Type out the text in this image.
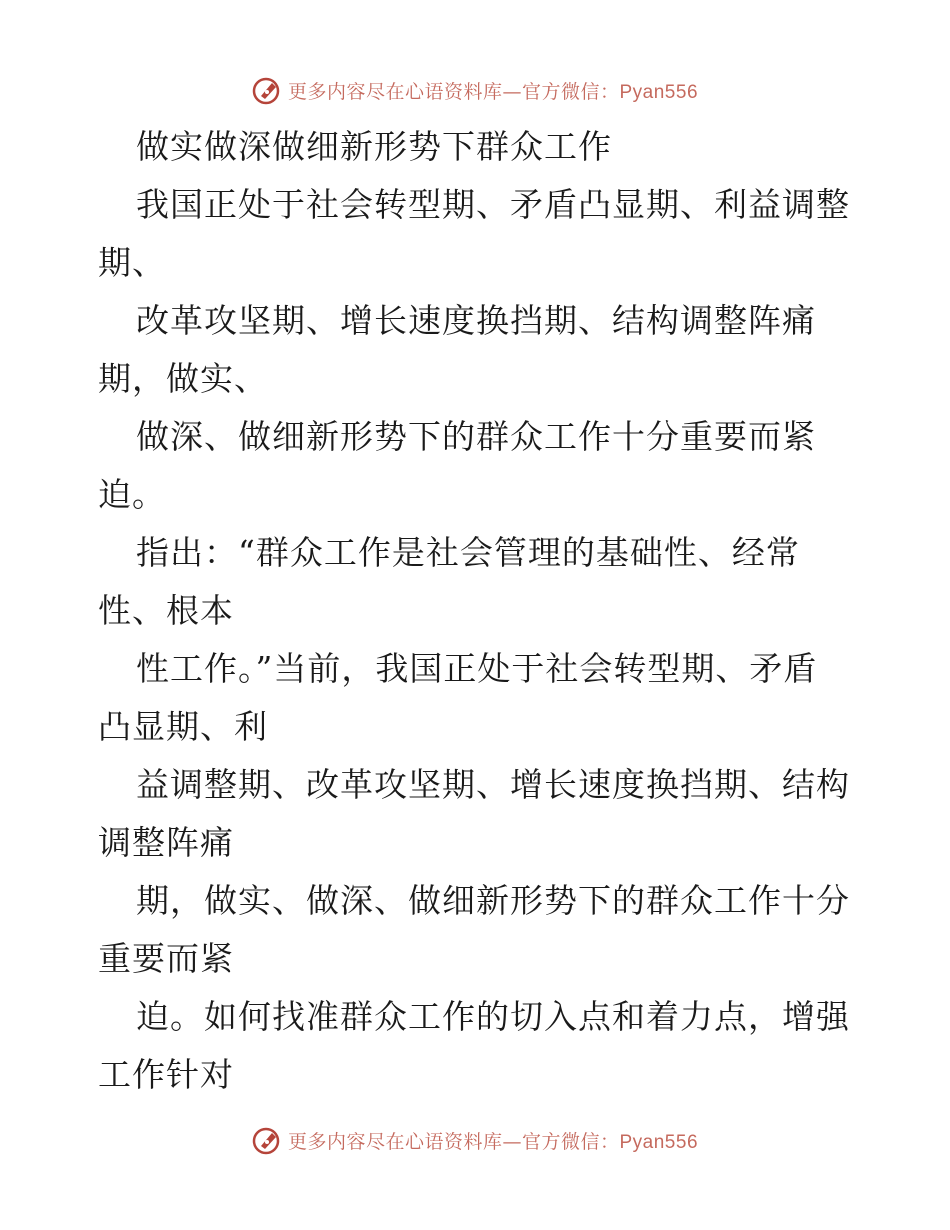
更多内容尽在心语资料库—官方微信：Pyan556
做实做深做细新形势下群众工作
我国正处于社会转型期、矛盾凸显期、利益调整
期、
改革攻坚期、增长速度换挡期、结构调整阵痛
期，做实、
做深、做细新形势下的群众工作十分重要而紧
迫。
指出：“群众工作是社会管理的基础性、经常
性、根本
性工作。”当前，我国正处于社会转型期、矛盾
凸显期、利
益调整期、改革攻坚期、增长速度换挡期、结构
调整阵痛
期，做实、做深、做细新形势下的群众工作十分
重要而紧
迫。如何找准群众工作的切入点和着力点，增强
工作针对
更多内容尽在心语资料库—官方微信：Pyan556
